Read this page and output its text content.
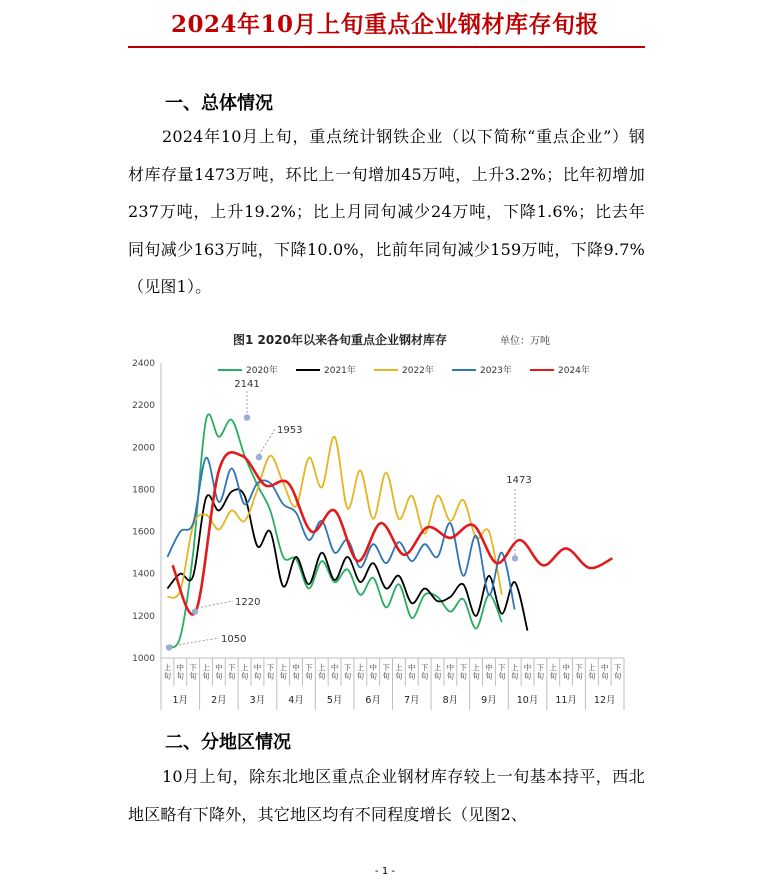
2024年10月上旬重点企业钢材库存旬报
一、总体情况
2024年10月上旬，重点统计钢铁企业（以下简称“重点企业”）钢材库存量1473万吨，环比上一旬增加45万吨，上升3.2%；比年初增加237万吨，上升19.2%；比上月同旬减少24万吨，下降1.6%；比去年同旬减少163万吨，下降10.0%，比前年同旬减少159万吨，下降9.7%（见图1）。
图1 2020年以来各旬重点企业钢材库存	单位：万吨
2020年	2021年	2022年	2023年	2024年
1000
1200
1400
1600
1800
2000
2200
2400
上旬
中旬
下旬
上旬
中旬
下旬
上旬
中旬
下旬
上旬
中旬
下旬
上旬
中旬
下旬
上旬
中旬
下旬
上旬
中旬
下旬
上旬
中旬
下旬
上旬
中旬
下旬
上旬
中旬
下旬
上旬
中旬
下旬
上旬
中旬
下旬
1月 2月 3月 4月 5月 6月 7月 8月 9月 10月 11月 12月
2141
1953
1220
1050
1473
二、分地区情况
10月上旬，除东北地区重点企业钢材库存较上一旬基本持平，西北地区略有下降外，其它地区均有不同程度增长（见图2、
- 1 -
